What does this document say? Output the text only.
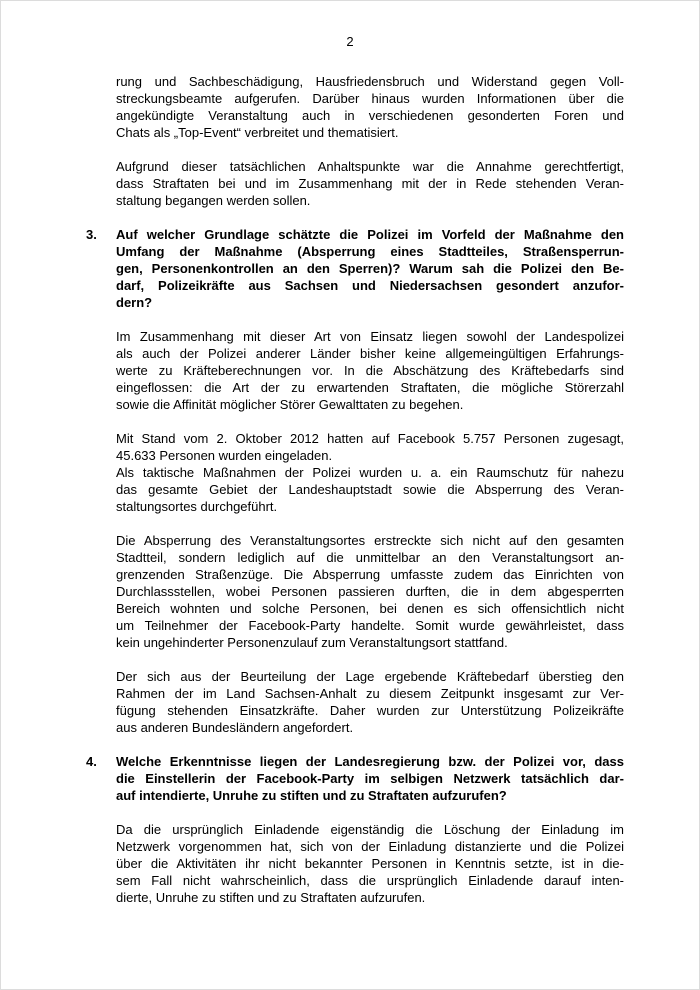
2
rung und Sachbeschädigung, Hausfriedensbruch und Widerstand gegen Voll-
streckungsbeamte aufgerufen. Darüber hinaus wurden Informationen über die
angekündigte Veranstaltung auch in verschiedenen gesonderten Foren und
Chats als „Top-Event“ verbreitet und thematisiert.
Aufgrund dieser tatsächlichen Anhaltspunkte war die Annahme gerechtfertigt,
dass Straftaten bei und im Zusammenhang mit der in Rede stehenden Veran-
staltung begangen werden sollen.
3. Auf welcher Grundlage schätzte die Polizei im Vorfeld der Maßnahme den
Umfang der Maßnahme (Absperrung eines Stadtteiles, Straßensperrun-
gen, Personenkontrollen an den Sperren)? Warum sah die Polizei den Be-
darf, Polizeikräfte aus Sachsen und Niedersachsen gesondert anzufor-
dern?
Im Zusammenhang mit dieser Art von Einsatz liegen sowohl der Landespolizei
als auch der Polizei anderer Länder bisher keine allgemeingültigen Erfahrungs-
werte zu Kräfteberechnungen vor. In die Abschätzung des Kräftebedarfs sind
eingeflossen: die Art der zu erwartenden Straftaten, die mögliche Störerzahl
sowie die Affinität möglicher Störer Gewalttaten zu begehen.
Mit Stand vom 2. Oktober 2012 hatten auf Facebook 5.757 Personen zugesagt,
45.633 Personen wurden eingeladen.
Als taktische Maßnahmen der Polizei wurden u. a. ein Raumschutz für nahezu
das gesamte Gebiet der Landeshauptstadt sowie die Absperrung des Veran-
staltungsortes durchgeführt.
Die Absperrung des Veranstaltungsortes erstreckte sich nicht auf den gesamten
Stadtteil, sondern lediglich auf die unmittelbar an den Veranstaltungsort an-
grenzenden Straßenzüge. Die Absperrung umfasste zudem das Einrichten von
Durchlassstellen, wobei Personen passieren durften, die in dem abgesperrten
Bereich wohnten und solche Personen, bei denen es sich offensichtlich nicht
um Teilnehmer der Facebook-Party handelte. Somit wurde gewährleistet, dass
kein ungehinderter Personenzulauf zum Veranstaltungsort stattfand.
Der sich aus der Beurteilung der Lage ergebende Kräftebedarf überstieg den
Rahmen der im Land Sachsen-Anhalt zu diesem Zeitpunkt insgesamt zur Ver-
fügung stehenden Einsatzkräfte. Daher wurden zur Unterstützung Polizeikräfte
aus anderen Bundesländern angefordert.
4. Welche Erkenntnisse liegen der Landesregierung bzw. der Polizei vor, dass
die Einstellerin der Facebook-Party im selbigen Netzwerk tatsächlich dar-
auf intendierte, Unruhe zu stiften und zu Straftaten aufzurufen?
Da die ursprünglich Einladende eigenständig die Löschung der Einladung im
Netzwerk vorgenommen hat, sich von der Einladung distanzierte und die Polizei
über die Aktivitäten ihr nicht bekannter Personen in Kenntnis setzte, ist in die-
sem Fall nicht wahrscheinlich, dass die ursprünglich Einladende darauf inten-
dierte, Unruhe zu stiften und zu Straftaten aufzurufen.
